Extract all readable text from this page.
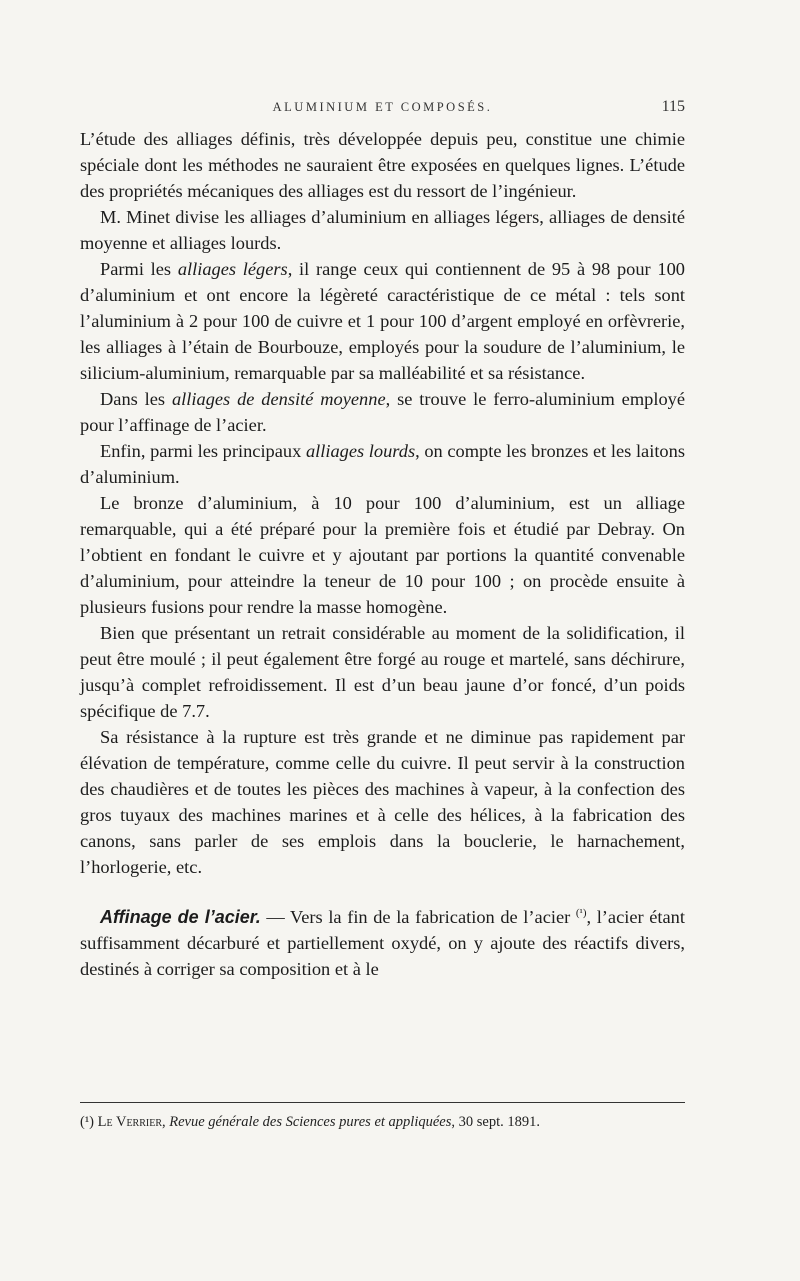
ALUMINIUM ET COMPOSÉS.	115

L’étude des alliages définis, très développée depuis peu, constitue une chimie spéciale dont les méthodes ne sauraient être exposées en quelques lignes. L’étude des propriétés mécaniques des alliages est du ressort de l’ingénieur.

M. Minet divise les alliages d’aluminium en alliages légers, alliages de densité moyenne et alliages lourds.

Parmi les alliages légers, il range ceux qui contiennent de 95 à 98 pour 100 d’aluminium et ont encore la légèreté caractéristique de ce métal : tels sont l’aluminium à 2 pour 100 de cuivre et 1 pour 100 d’argent employé en orfèvrerie, les alliages à l’étain de Bourbouze, employés pour la soudure de l’aluminium, le silicium-aluminium, remarquable par sa malléabilité et sa résistance.

Dans les alliages de densité moyenne, se trouve le ferro-aluminium employé pour l’affinage de l’acier.

Enfin, parmi les principaux alliages lourds, on compte les bronzes et les laitons d’aluminium.

Le bronze d’aluminium, à 10 pour 100 d’aluminium, est un alliage remarquable, qui a été préparé pour la première fois et étudié par Debray. On l’obtient en fondant le cuivre et y ajoutant par portions la quantité convenable d’aluminium, pour atteindre la teneur de 10 pour 100 ; on procède ensuite à plusieurs fusions pour rendre la masse homogène.

Bien que présentant un retrait considérable au moment de la solidification, il peut être moulé ; il peut également être forgé au rouge et martelé, sans déchirure, jusqu’à complet refroidissement. Il est d’un beau jaune d’or foncé, d’un poids spécifique de 7.7.

Sa résistance à la rupture est très grande et ne diminue pas rapidement par élévation de température, comme celle du cuivre. Il peut servir à la construction des chaudières et de toutes les pièces des machines à vapeur, à la confection des gros tuyaux des machines marines et à celle des hélices, à la fabrication des canons, sans parler de ses emplois dans la bouclerie, le harnachement, l’horlogerie, etc.

Affinage de l’acier. — Vers la fin de la fabrication de l’acier $^{(^1)}$, l’acier étant suffisamment décarburé et partiellement oxydé, on y ajoute des réactifs divers, destinés à corriger sa composition et à le

(¹) Le Verrier, Revue générale des Sciences pures et appliquées, 30 sept. 1891.
